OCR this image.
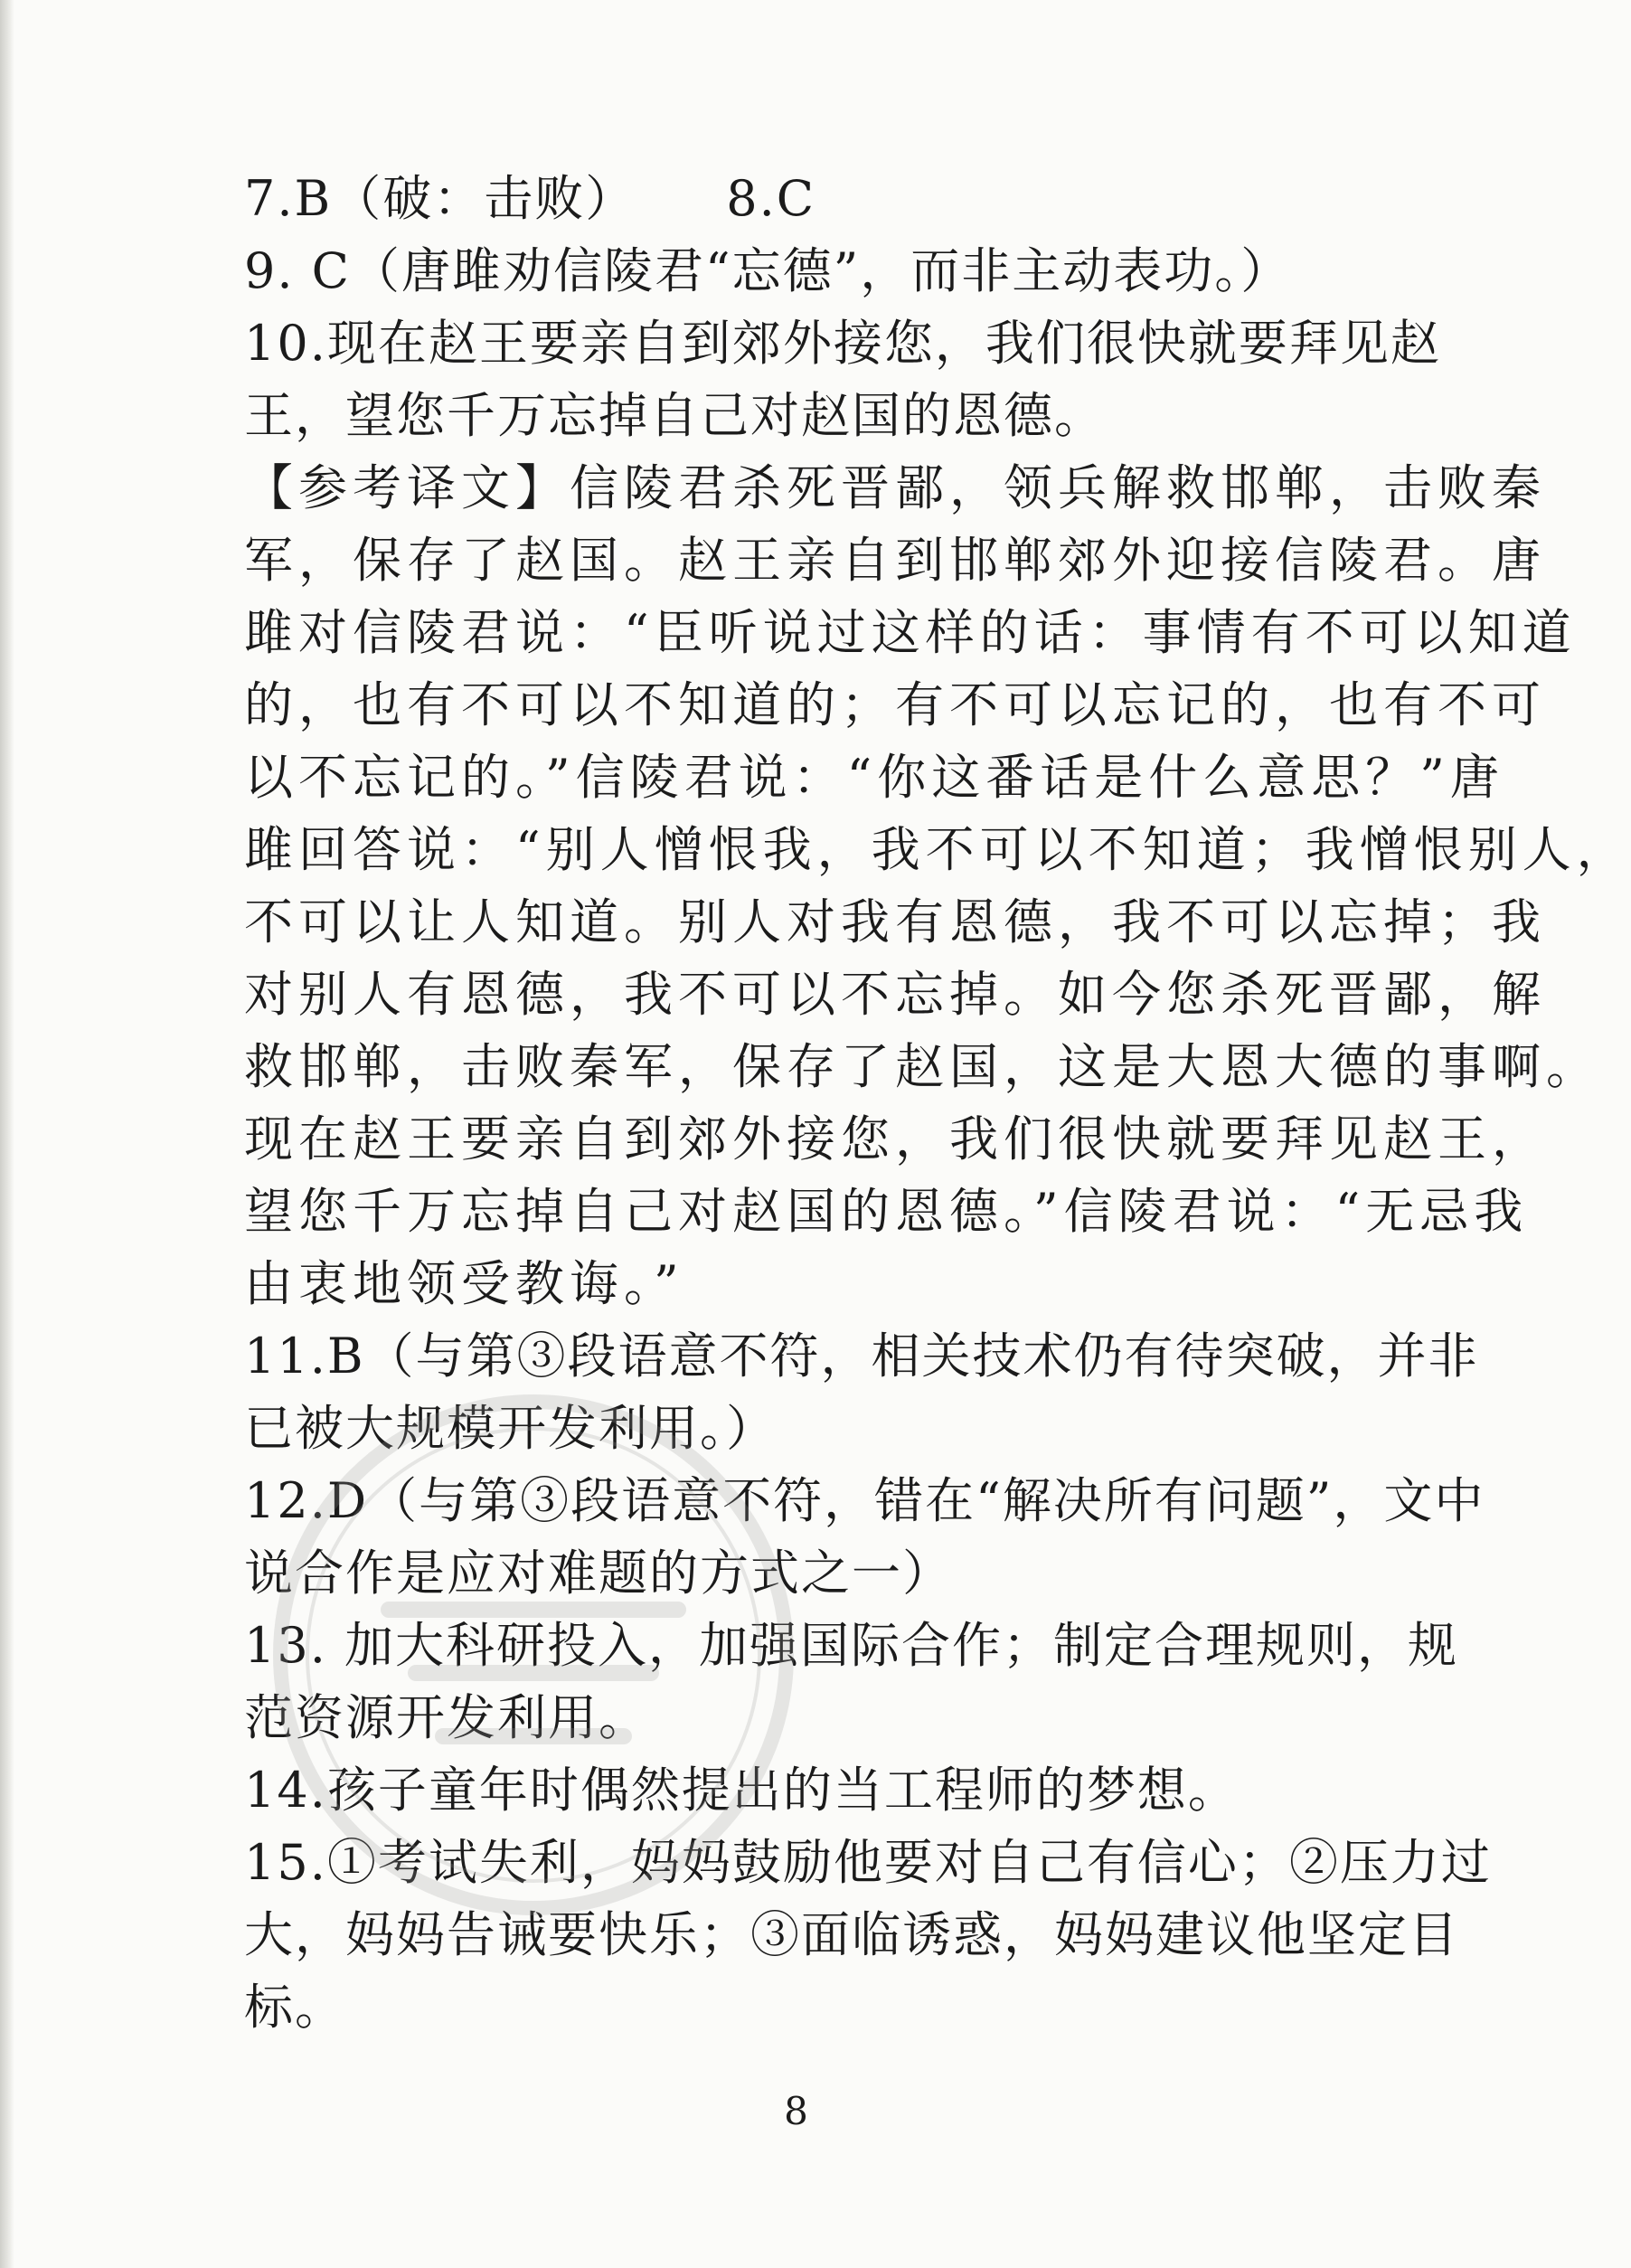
7.B（破：击败） 8.C
9. C（唐雎劝信陵君“忘德”，而非主动表功。）
10.现在赵王要亲自到郊外接您，我们很快就要拜见赵
王，望您千万忘掉自己对赵国的恩德。
【参考译文】信陵君杀死晋鄙，领兵解救邯郸，击败秦
军，保存了赵国。赵王亲自到邯郸郊外迎接信陵君。唐
雎对信陵君说：“臣听说过这样的话：事情有不可以知道
的，也有不可以不知道的；有不可以忘记的，也有不可
以不忘记的。”信陵君说：“你这番话是什么意思？”唐
雎回答说：“别人憎恨我，我不可以不知道；我憎恨别人，
不可以让人知道。别人对我有恩德，我不可以忘掉；我
对别人有恩德，我不可以不忘掉。如今您杀死晋鄙，解
救邯郸，击败秦军，保存了赵国，这是大恩大德的事啊。
现在赵王要亲自到郊外接您，我们很快就要拜见赵王，
望您千万忘掉自己对赵国的恩德。”信陵君说：“无忌我
由衷地领受教诲。”
11.B（与第③段语意不符，相关技术仍有待突破，并非
已被大规模开发利用。）
12.D（与第③段语意不符，错在“解决所有问题”，文中
说合作是应对难题的方式之一）
13. 加大科研投入，加强国际合作；制定合理规则，规
范资源开发利用。
14.孩子童年时偶然提出的当工程师的梦想。
15.①考试失利，妈妈鼓励他要对自己有信心；②压力过
大，妈妈告诫要快乐；③面临诱惑，妈妈建议他坚定目
标。
8
